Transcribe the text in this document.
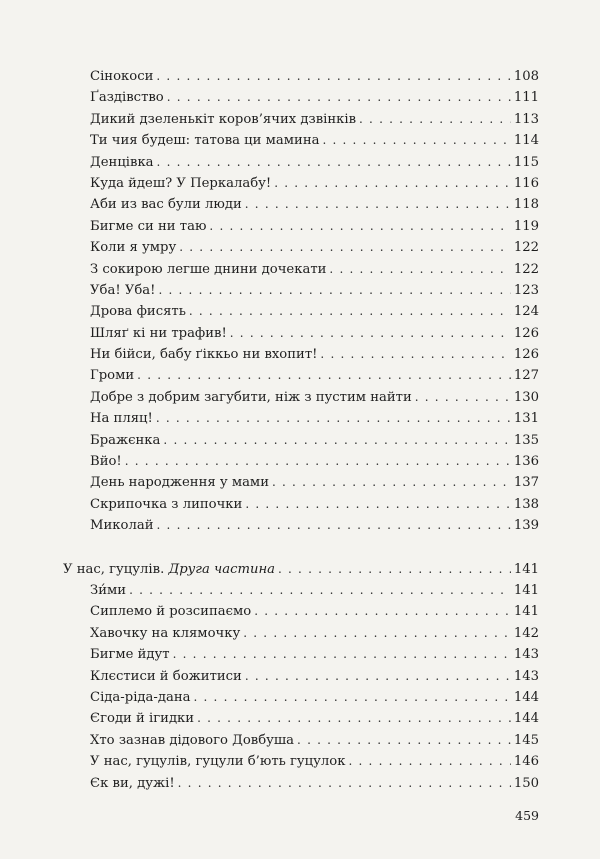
Сінокоси . . .	108
Ґаздівство . . .	111
Дикий дзеленькіт коров’ячих дзвінків . . .	113
Ти чия будеш: татова ци мамина . . .	114
Денцівка . . .	115
Куда йдеш? У Перкалабу! . . .	116
Аби из вас були люди . . .	118
Бигме си ни таю . . .	119
Коли я умру . . .	122
З сокирою легше днини дочекати . . .	122
Уба! Уба! . . .	123
Дрова фисять . . .	124
Шляґ кі ни трафив! . . .	126
Ни бійси, бабу ґіккьо ни вхопит! . . .	126
Громи . . .	127
Добре з добрим загубити, ніж з пустим найти . . .	130
На пляц! . . .	131
Бражєнка . . .	135
Вйо! . . .	136
День народження у мами . . .	137
Скрипочка з липочки . . .	138
Миколай . . .	139
У нас, гуцулів. Друга частина . . .	141
Зи́ми . . .	141
Сиплемо й розсипаємо . . .	141
Хавочку на клямочку . . .	142
Бигме йдут . . .	143
Клєстиси й божитиси . . .	143
Сіда-ріда-дана . . .	144
Єгоди й ігидки . . .	144
Хто зазнав дідового Довбуша . . .	145
У нас, гуцулів, гуцули б’ють гуцулок . . .	146
Єк ви, дужі! . . .	150
459
